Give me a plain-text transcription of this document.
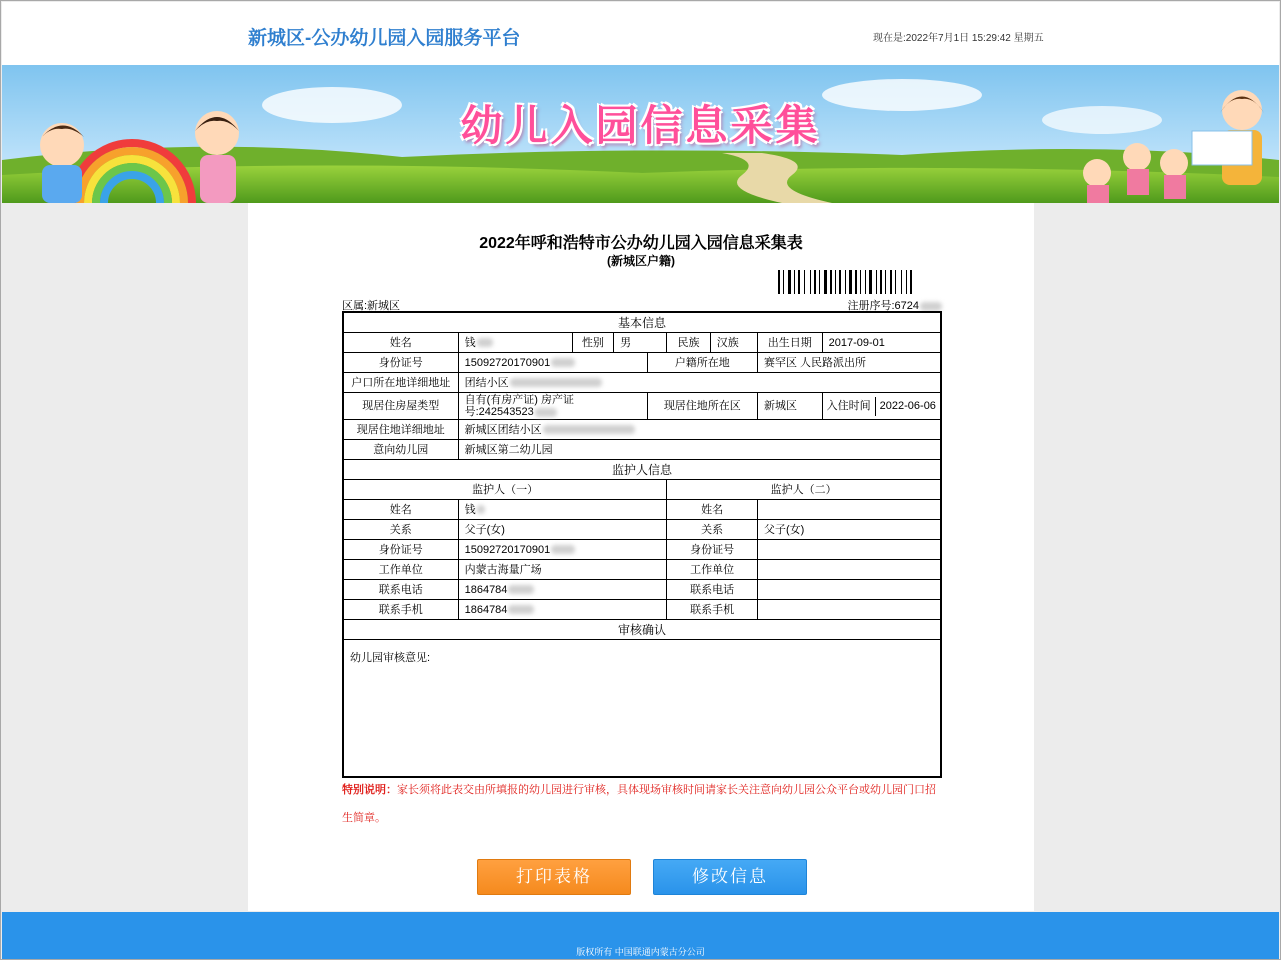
新城区-公办幼儿园入园服务平台	现在是:2022年7月1日 15:29:42 星期五
幼儿入园信息采集
2022年呼和浩特市公办幼儿园入园信息采集表
(新城区户籍)
区属:新城区	注册序号:6724
基本信息
姓名	钱	性别	男	民族	汉族	出生日期	2017-09-01
身份证号	15092720170901	户籍所在地	赛罕区 人民路派出所
户口所在地详细地址	团结小区
现居住房屋类型	自有(有房产证) 房产证号:242543523	现居住地所在区	新城区		入住时间	2022-06-06

现居住地详细地址	新城区团结小区
意向幼儿园	新城区第二幼儿园
监护人信息
监护人（一）	监护人（二）
姓名	钱	姓名	
关系	父子(女)	关系	父子(女)
身份证号	15092720170901	身份证号	
工作单位	内蒙古海量广场	工作单位	
联系电话	1864784	联系电话	
联系手机	1864784	联系手机	
审核确认
幼儿园审核意见:
特别说明：家长须将此表交由所填报的幼儿园进行审核，具体现场审核时间请家长关注意向幼儿园公众平台或幼儿园门口招生简章。
打印表格	修改信息
版权所有 中国联通内蒙古分公司
